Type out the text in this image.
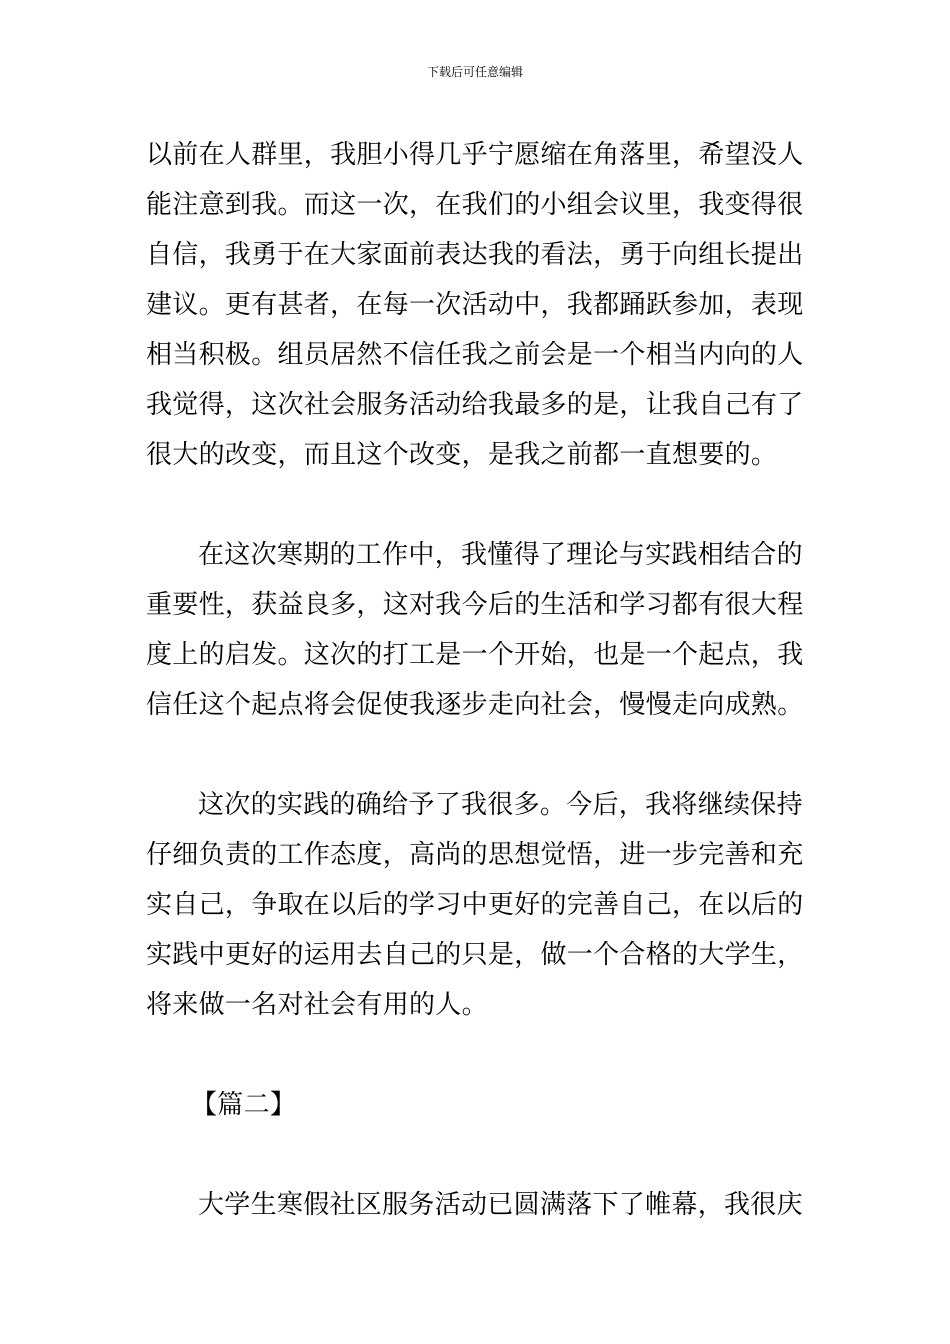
下载后可任意编辑
以前在人群里，我胆小得几乎宁愿缩在角落里，希望没人
能注意到我。而这一次，在我们的小组会议里，我变得很
自信，我勇于在大家面前表达我的看法，勇于向组长提出
建议。更有甚者，在每一次活动中，我都踊跃参加，表现
相当积极。组员居然不信任我之前会是一个相当内向的人
我觉得，这次社会服务活动给我最多的是，让我自己有了
很大的改变，而且这个改变，是我之前都一直想要的。
在这次寒期的工作中，我懂得了理论与实践相结合的
重要性，获益良多，这对我今后的生活和学习都有很大程
度上的启发。这次的打工是一个开始，也是一个起点，我
信任这个起点将会促使我逐步走向社会，慢慢走向成熟。
这次的实践的确给予了我很多。今后，我将继续保持
仔细负责的工作态度，高尚的思想觉悟，进一步完善和充
实自己，争取在以后的学习中更好的完善自己，在以后的
实践中更好的运用去自己的只是，做一个合格的大学生，
将来做一名对社会有用的人。
【篇二】
大学生寒假社区服务活动已圆满落下了帷幕，我很庆
